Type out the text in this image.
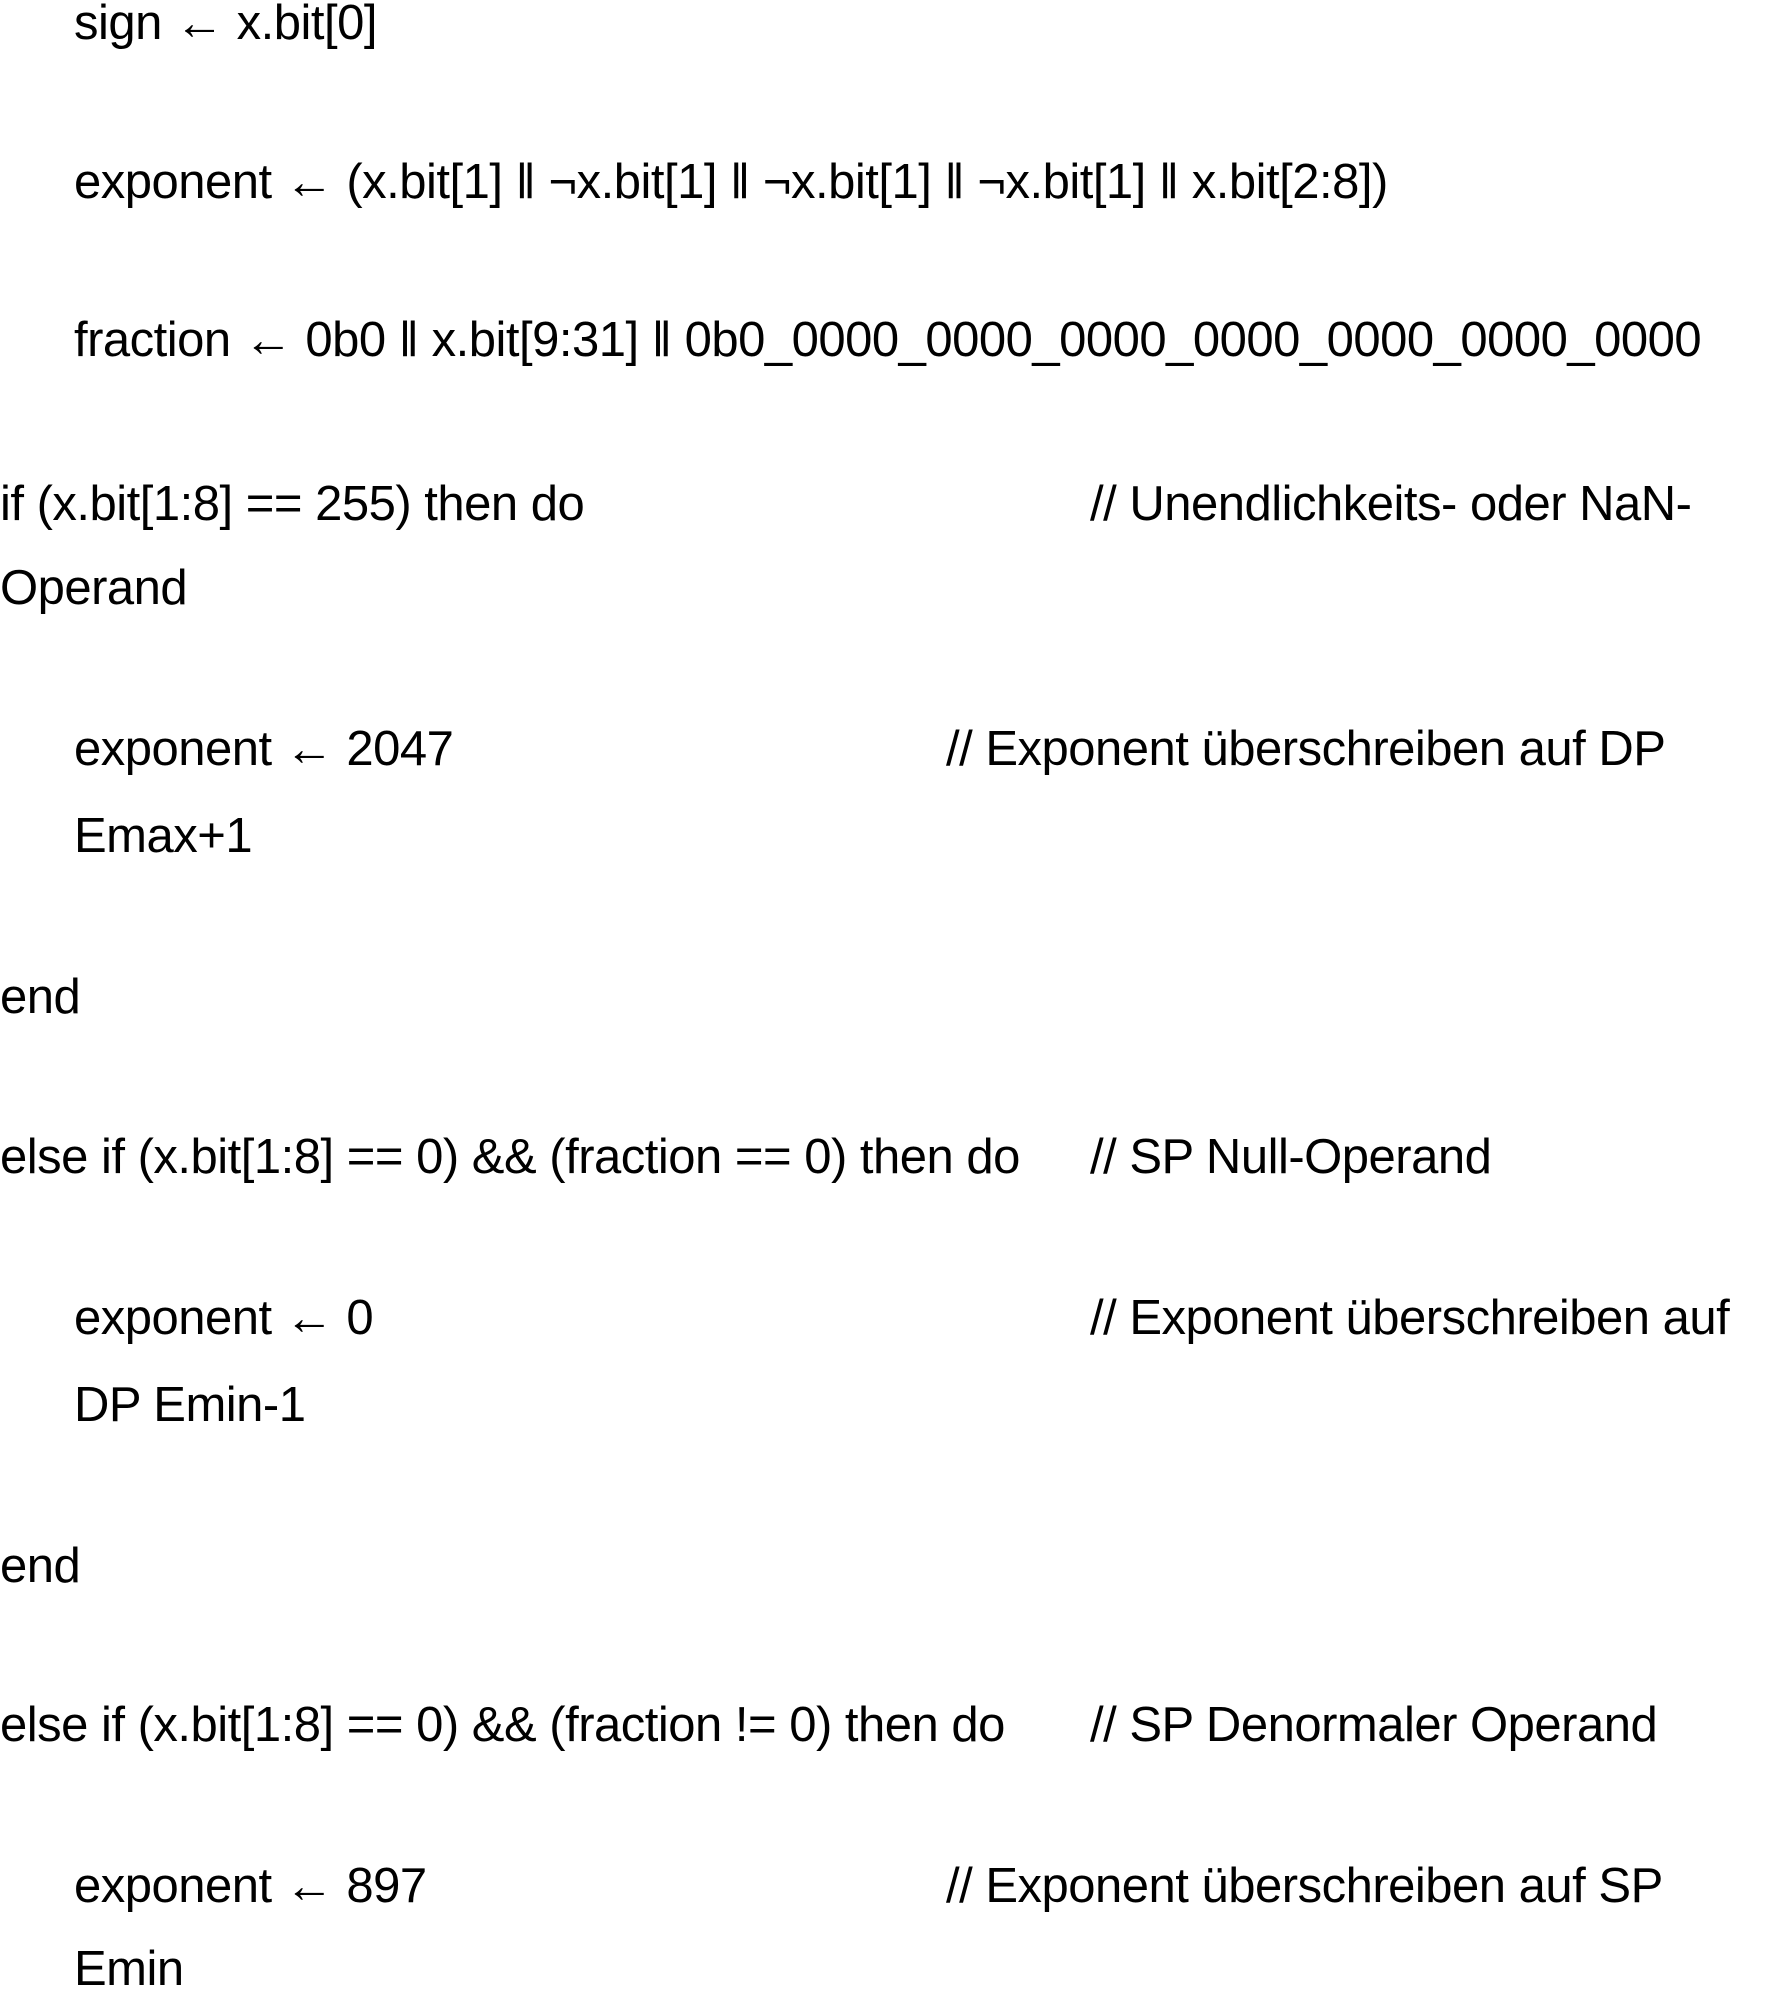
sign ← x.bit[0]
exponent ← (x.bit[1] ‖ ¬x.bit[1] ‖ ¬x.bit[1] ‖ ¬x.bit[1] ‖ x.bit[2:8])
fraction ← 0b0 ‖ x.bit[9:31] ‖ 0b0_0000_0000_0000_0000_0000_0000_0000
if (x.bit[1:8] == 255) then do	// Unendlichkeits- oder NaN-
Operand
exponent ← 2047	// Exponent überschreiben auf DP
Emax+1
end
else if (x.bit[1:8] == 0) && (fraction == 0) then do // SP Null-Operand
exponent ← 0	// Exponent überschreiben auf
DP Emin-1
end
else if (x.bit[1:8] == 0) && (fraction != 0) then do // SP Denormaler Operand
exponent ← 897	// Exponent überschreiben auf SP
Emin
